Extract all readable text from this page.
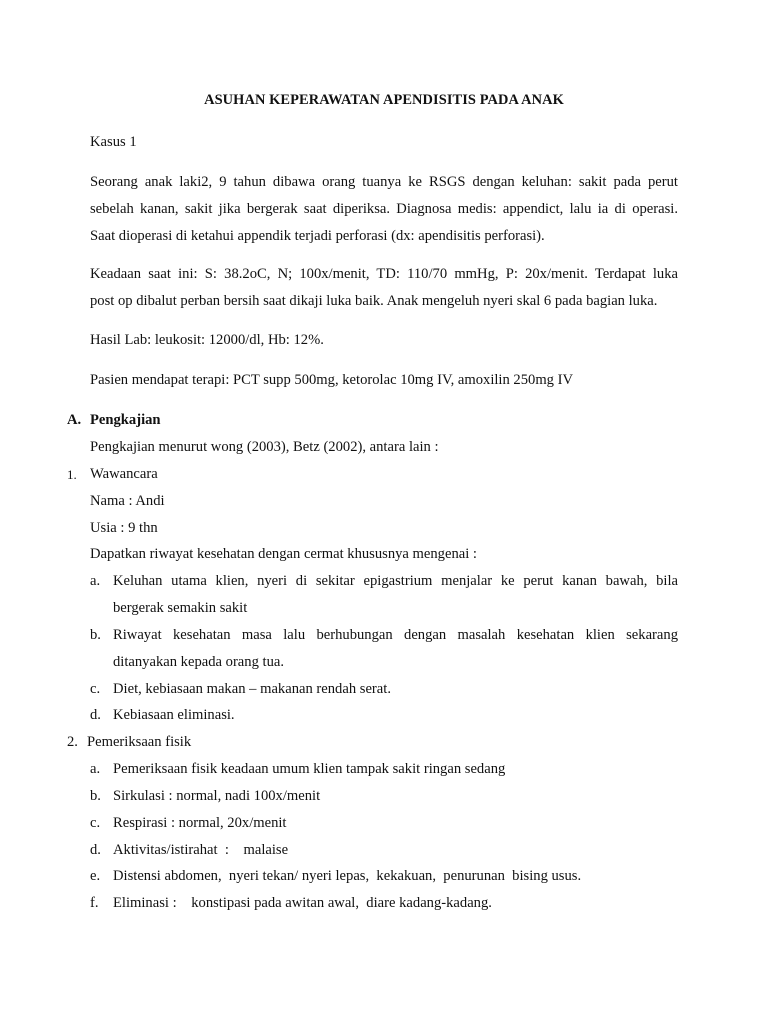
ASUHAN KEPERAWATAN APENDISITIS PADA ANAK
Kasus 1
Seorang anak laki2, 9 tahun dibawa orang tuanya ke RSGS dengan keluhan: sakit pada perut
sebelah kanan, sakit jika bergerak saat diperiksa. Diagnosa medis: appendict, lalu ia di operasi.
Saat dioperasi di ketahui appendik terjadi perforasi (dx: apendisitis perforasi).
Keadaan saat ini: S: 38.2oC, N; 100x/menit, TD: 110/70 mmHg, P: 20x/menit. Terdapat luka
post op dibalut perban bersih saat dikaji luka baik. Anak mengeluh nyeri skal 6 pada bagian luka.
Hasil Lab: leukosit: 12000/dl, Hb: 12%.
Pasien mendapat terapi: PCT supp 500mg, ketorolac 10mg IV, amoxilin 250mg IV
A. Pengkajian
Pengkajian menurut wong (2003), Betz (2002), antara lain :
1. Wawancara
Nama : Andi
Usia : 9 thn
Dapatkan riwayat kesehatan dengan cermat khususnya mengenai :
a. Keluhan utama klien, nyeri di sekitar epigastrium menjalar ke perut kanan bawah, bila
bergerak semakin sakit
b. Riwayat kesehatan masa lalu berhubungan dengan masalah kesehatan klien sekarang
ditanyakan kepada orang tua.
c. Diet, kebiasaan makan – makanan rendah serat.
d. Kebiasaan eliminasi.
2. Pemeriksaan fisik
a. Pemeriksaan fisik keadaan umum klien tampak sakit ringan sedang
b. Sirkulasi : normal, nadi 100x/menit
c. Respirasi : normal, 20x/menit
d. Aktivitas/istirahat  :    malaise
e. Distensi abdomen,  nyeri tekan/ nyeri lepas,  kekakuan,  penurunan  bising usus.
f. Eliminasi :    konstipasi pada awitan awal,  diare kadang-kadang.
